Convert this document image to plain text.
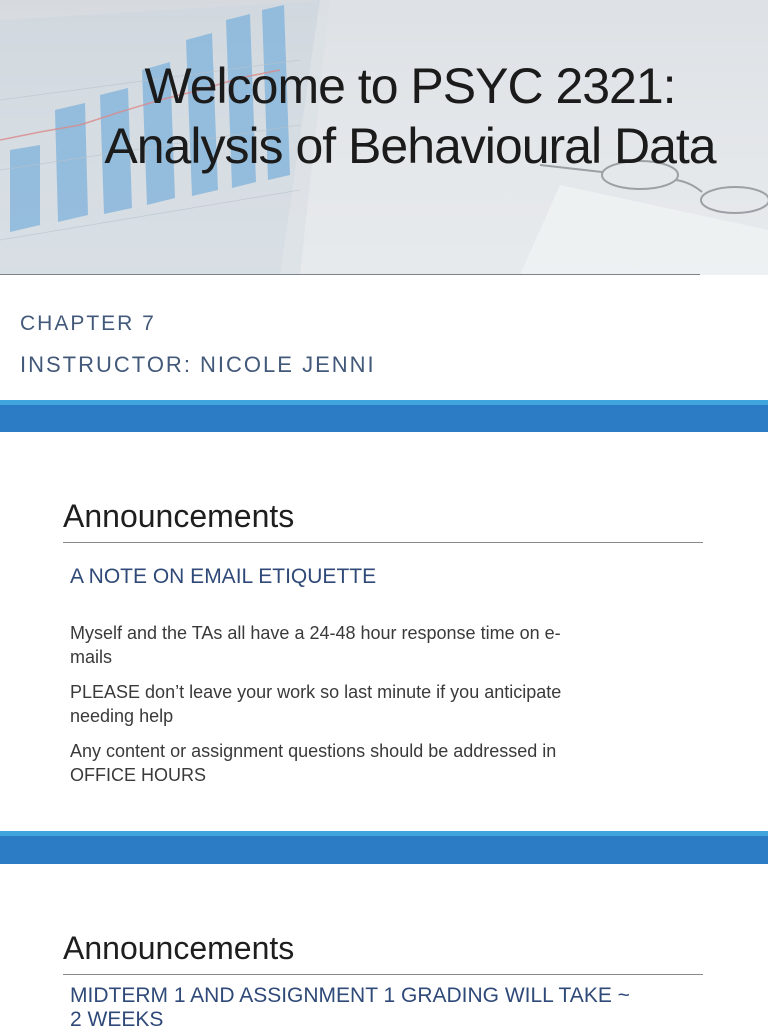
Welcome to PSYC 2321: Analysis of Behavioural Data

CHAPTER 7

INSTRUCTOR: NICOLE JENNI

Announcements
A NOTE ON EMAIL ETIQUETTE
Myself and the TAs all have a 24-48 hour response time on e-mails
PLEASE don’t leave your work so last minute if you anticipate needing help
Any content or assignment questions should be addressed in OFFICE HOURS
Announcements
MIDTERM 1 AND ASSIGNMENT 1 GRADING WILL TAKE ~ 2 WEEKS
